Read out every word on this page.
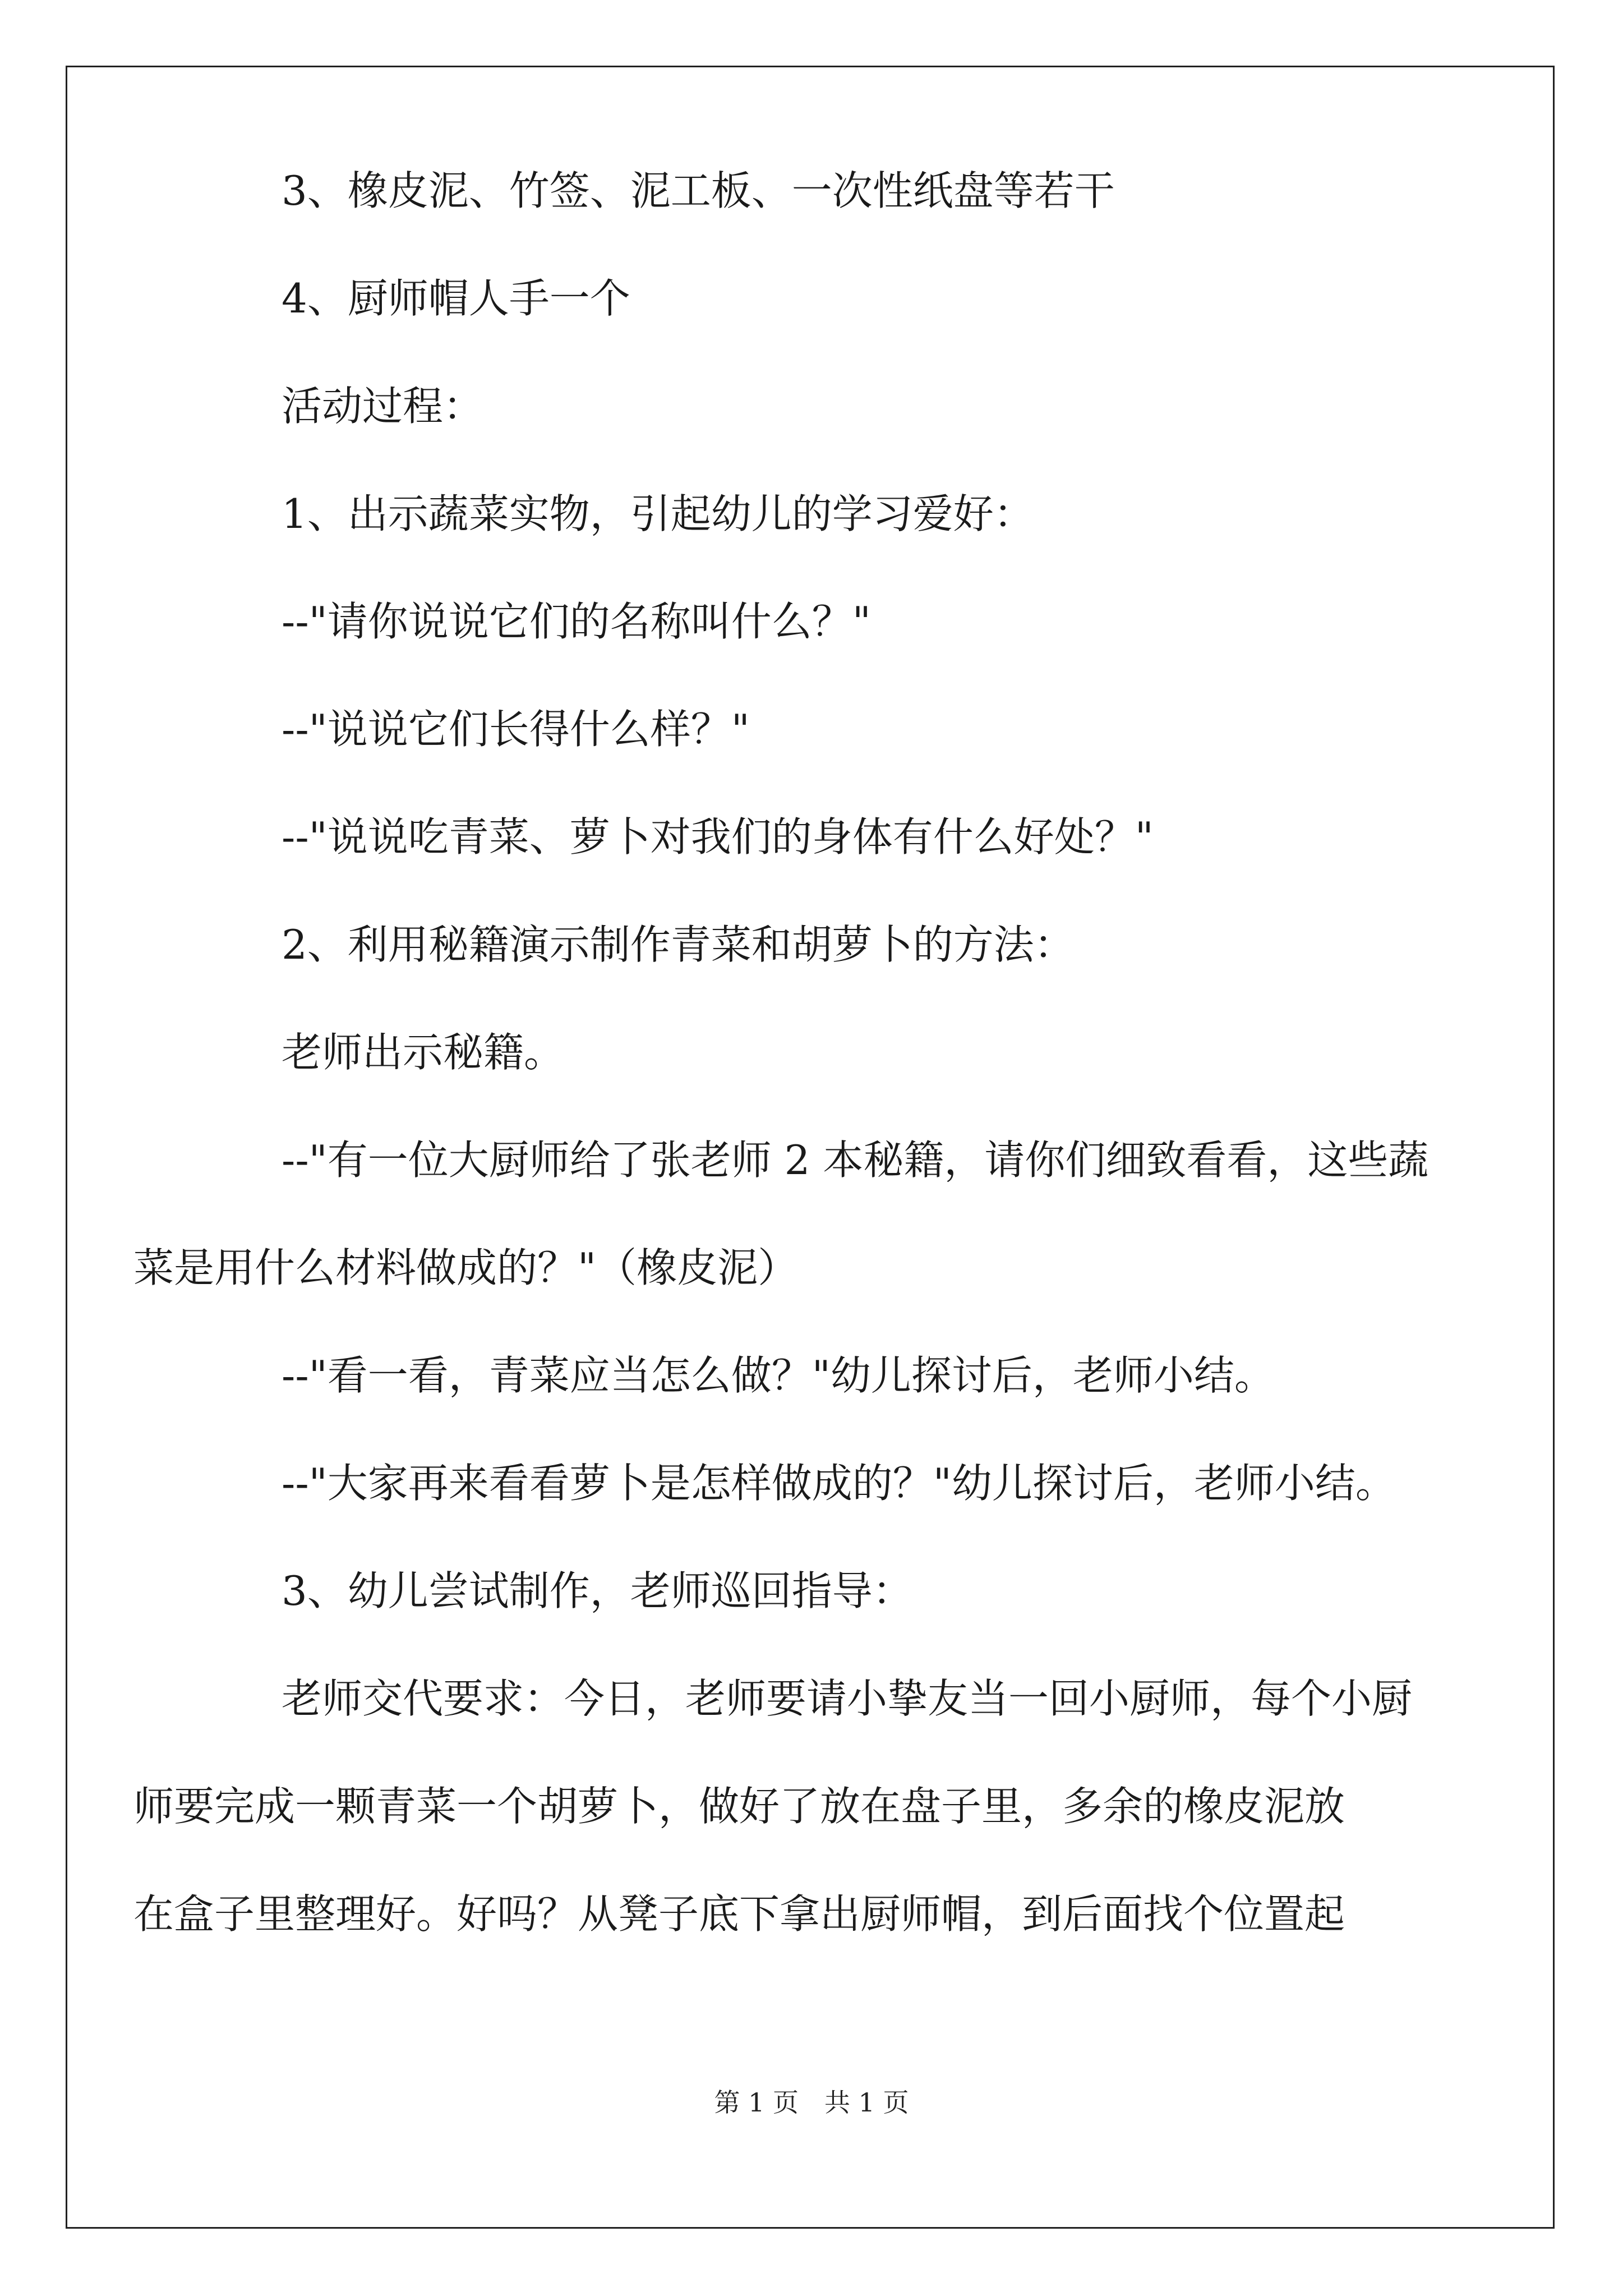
3、橡皮泥、竹签、泥工板、一次性纸盘等若干
4、厨师帽人手一个
活动过程：
1、出示蔬菜实物，引起幼儿的学习爱好：
--"请你说说它们的名称叫什么？"
--"说说它们长得什么样？"
--"说说吃青菜、萝卜对我们的身体有什么好处？"
2、利用秘籍演示制作青菜和胡萝卜的方法：
老师出示秘籍。
--"有一位大厨师给了张老师 2 本秘籍，请你们细致看看，这些蔬
菜是用什么材料做成的？"（橡皮泥）
--"看一看，青菜应当怎么做？"幼儿探讨后，老师小结。
--"大家再来看看萝卜是怎样做成的？"幼儿探讨后，老师小结。
3、幼儿尝试制作，老师巡回指导：
老师交代要求：今日，老师要请小挚友当一回小厨师，每个小厨
师要完成一颗青菜一个胡萝卜，做好了放在盘子里，多余的橡皮泥放
在盒子里整理好。好吗？从凳子底下拿出厨师帽，到后面找个位置起
第 1 页　共 1 页
